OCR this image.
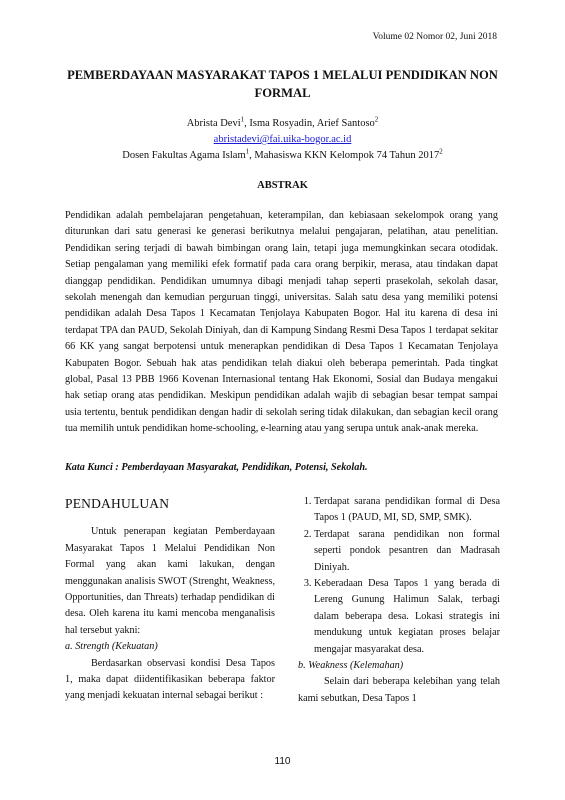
Volume 02 Nomor 02, Juni 2018
PEMBERDAYAAN MASYARAKAT TAPOS 1 MELALUI PENDIDIKAN NON FORMAL
Abrista Devi$^1$, Isma Rosyadin, Arief Santoso$^2$
abristadevi@fai.uika-bogor.ac.id
Dosen Fakultas Agama Islam$^1$, Mahasiswa KKN Kelompok 74 Tahun 2017$^2$
ABSTRAK
Pendidikan adalah pembelajaran pengetahuan, keterampilan, dan kebiasaan sekelompok orang yang diturunkan dari satu generasi ke generasi berikutnya melalui pengajaran, pelatihan, atau penelitian. Pendidikan sering terjadi di bawah bimbingan orang lain, tetapi juga memungkinkan secara otodidak. Setiap pengalaman yang memiliki efek formatif pada cara orang berpikir, merasa, atau tindakan dapat dianggap pendidikan. Pendidikan umumnya dibagi menjadi tahap seperti prasekolah, sekolah dasar, sekolah menengah dan kemudian perguruan tinggi, universitas. Salah satu desa yang memiliki potensi pendidikan adalah Desa Tapos 1 Kecamatan Tenjolaya Kabupaten Bogor. Hal itu karena di desa ini terdapat TPA dan PAUD, Sekolah Diniyah, dan di Kampung Sindang Resmi Desa Tapos 1 terdapat sekitar 66 KK yang sangat berpotensi untuk menerapkan pendidikan di Desa Tapos 1 Kecamatan Tenjolaya Kabupaten Bogor. Sebuah hak atas pendidikan telah diakui oleh beberapa pemerintah. Pada tingkat global, Pasal 13 PBB 1966 Kovenan Internasional tentang Hak Ekonomi, Sosial dan Budaya mengakui hak setiap orang atas pendidikan. Meskipun pendidikan adalah wajib di sebagian besar tempat sampai usia tertentu, bentuk pendidikan dengan hadir di sekolah sering tidak dilakukan, dan sebagian kecil orang tua memilih untuk pendidikan home-schooling, e-learning atau yang serupa untuk anak-anak mereka.
Kata Kunci : Pemberdayaan Masyarakat, Pendidikan, Potensi, Sekolah.
PENDAHULUAN

Untuk penerapan kegiatan Pemberdayaan Masyarakat Tapos 1 Melalui Pendidikan Non Formal yang akan kami lakukan, dengan menggunakan analisis SWOT (Strenght, Weakness, Opportunities, dan Threats) terhadap pendidikan di desa. Oleh karena itu kami mencoba menganalisis hal tersebut yakni:

a. Strength (Kekuatan)

Berdasarkan observasi kondisi Desa Tapos 1, maka dapat diidentifikasikan beberapa faktor yang menjadi kekuatan internal sebagai berikut :

1. Terdapat sarana pendidikan formal di Desa Tapos 1 (PAUD, MI, SD, SMP, SMK).
2. Terdapat sarana pendidikan non formal seperti pondok pesantren dan Madrasah Diniyah.
3. Keberadaan Desa Tapos 1 yang berada di Lereng Gunung Halimun Salak, terbagi dalam beberapa desa. Lokasi strategis ini mendukung untuk kegiatan proses belajar mengajar masyarakat desa.

b. Weakness (Kelemahan)

Selain dari beberapa kelebihan yang telah kami sebutkan, Desa Tapos 1

110
